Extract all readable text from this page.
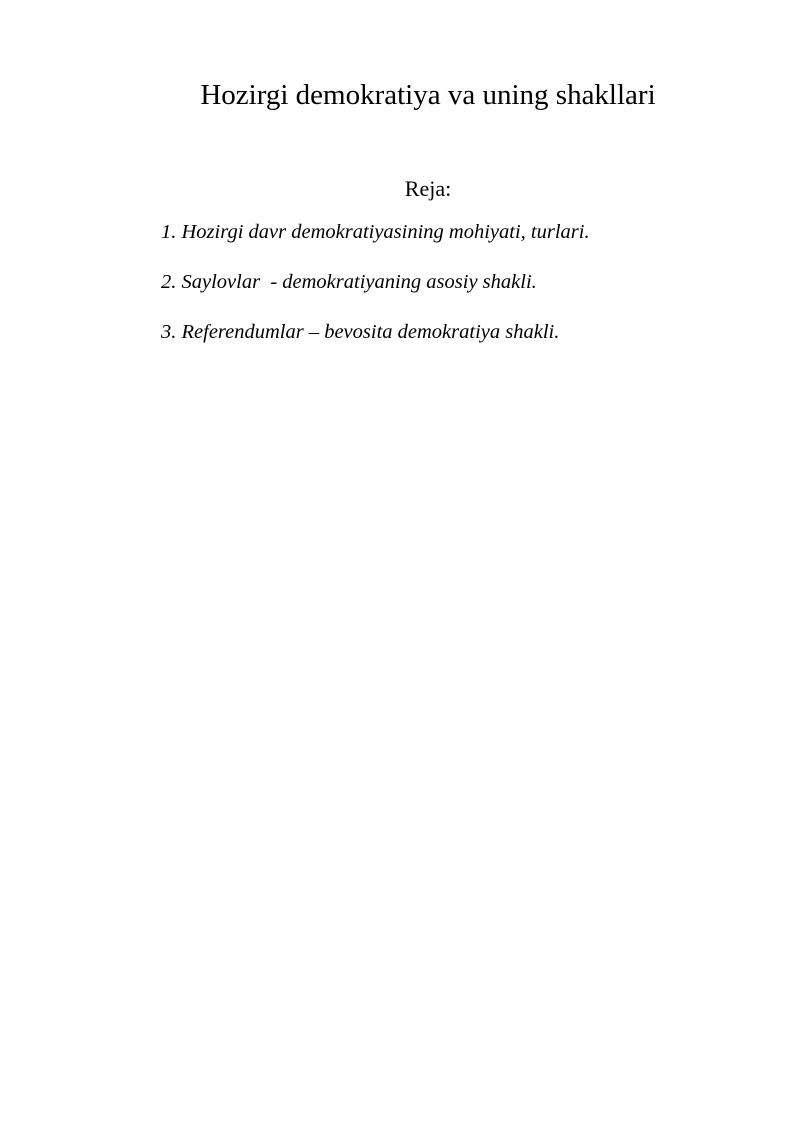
Hozirgi demokratiya va uning shakllari

Reja:

1. Hozirgi davr demokratiyasining mohiyati, turlari.
2. Saylovlar  - demokratiyaning asosiy shakli.
3. Referendumlar – bevosita demokratiya shakli.
